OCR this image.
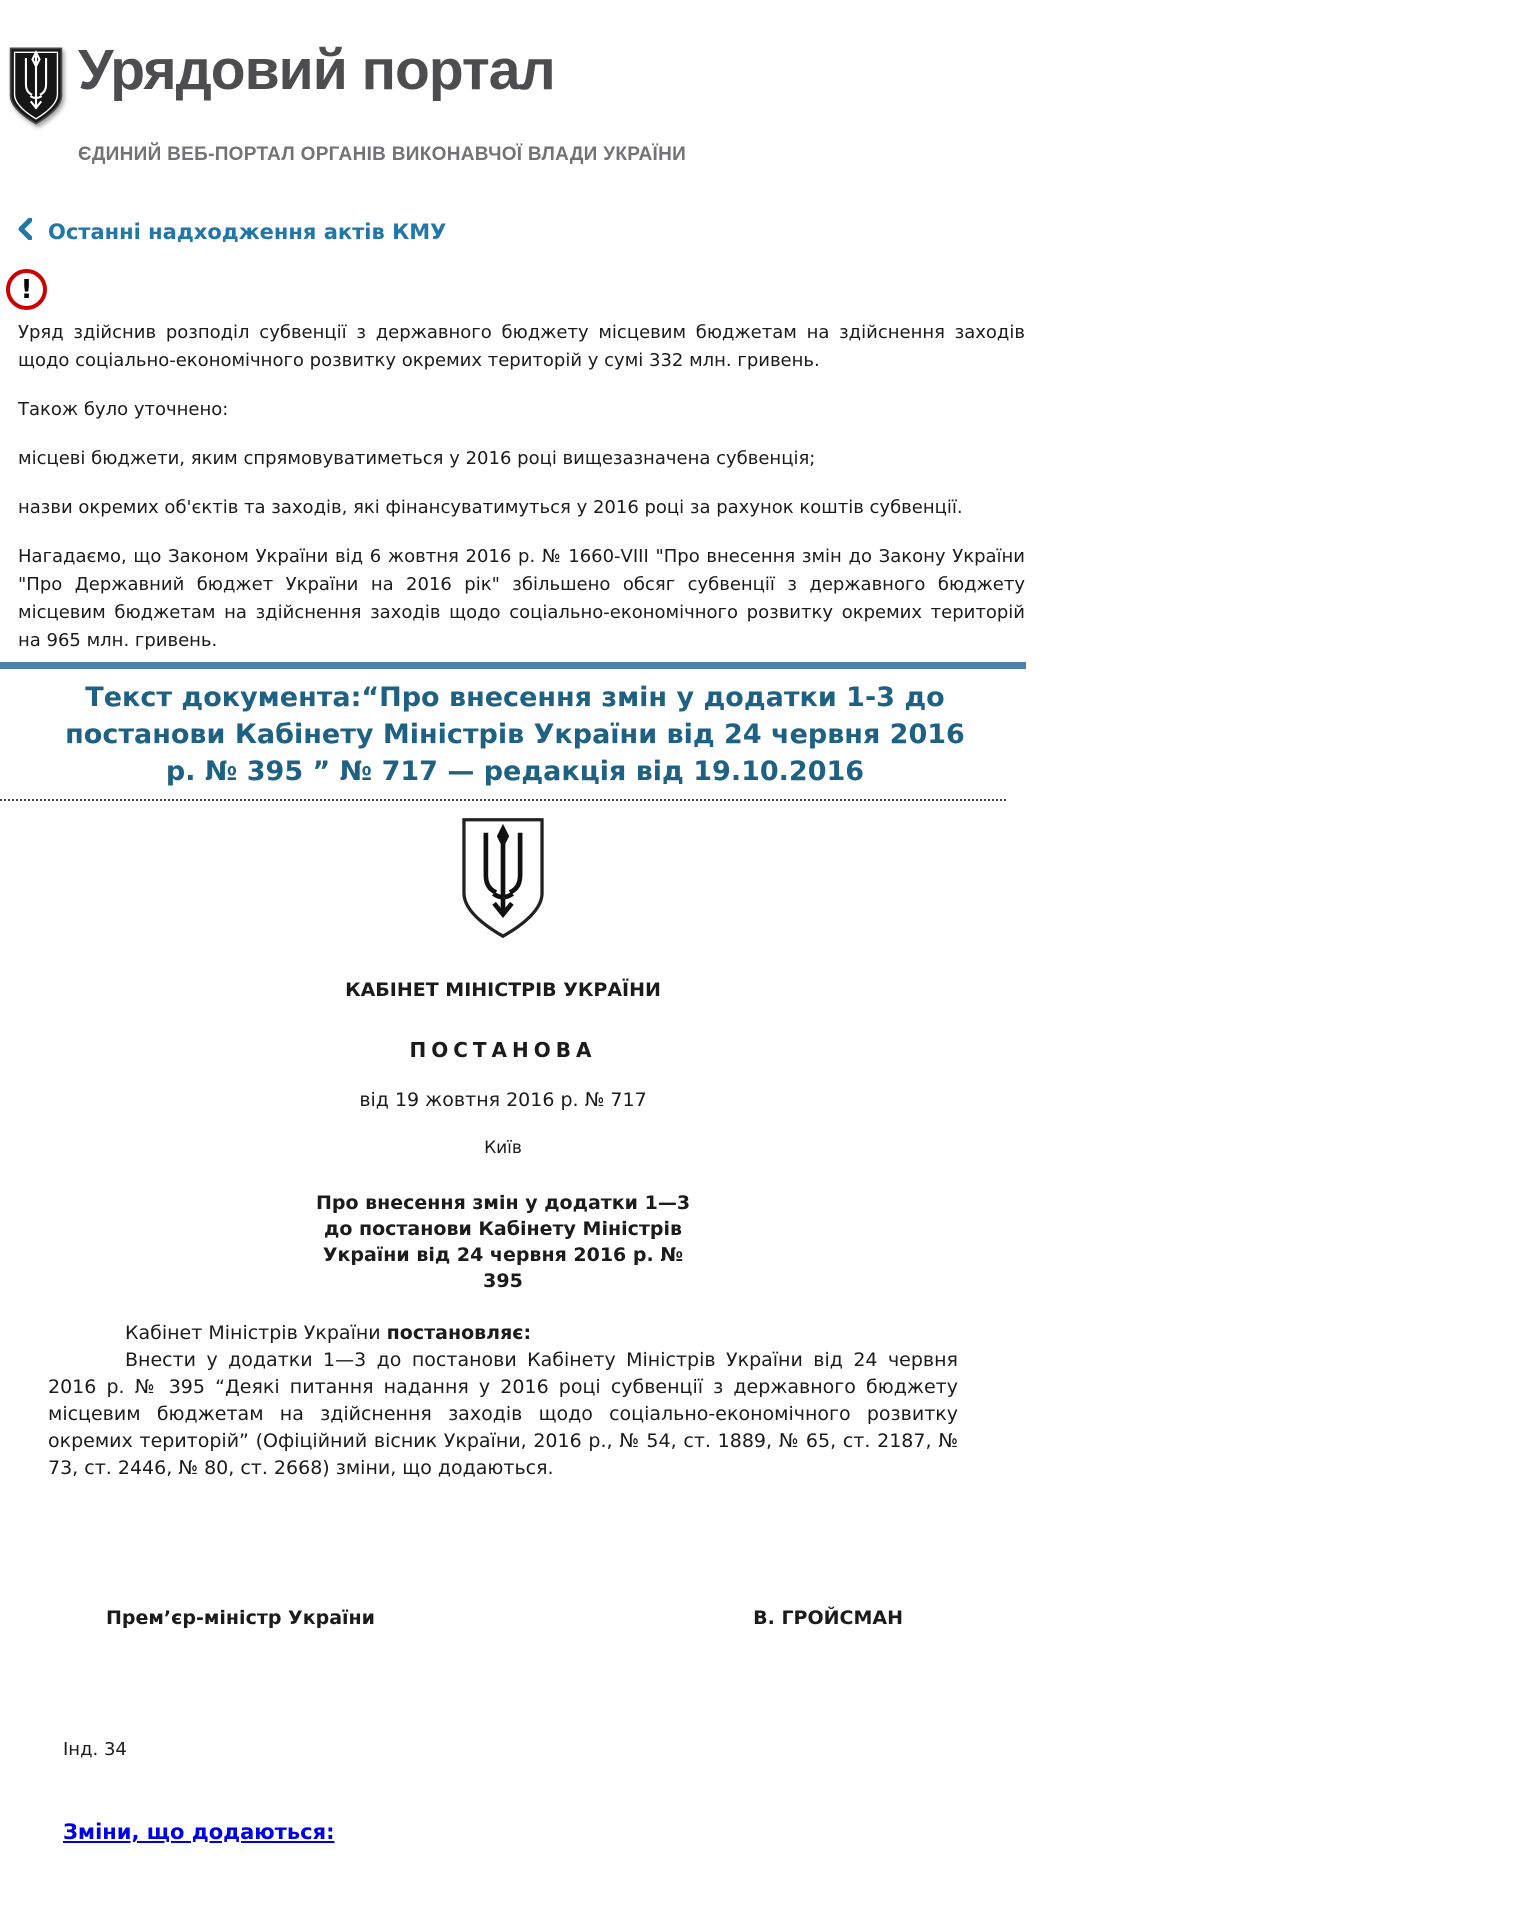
Урядовий портал
ЄДИНИЙ ВЕБ-ПОРТАЛ ОРГАНІВ ВИКОНАВЧОЇ ВЛАДИ УКРАЇНИ
Останні надходження актів КМУ
!

Уряд здійснив розподіл субвенції з державного бюджету місцевим бюджетам на здійснення заходів щодо соціально-економічного розвитку окремих територій у сумі 332 млн. гривень.

Також було уточнено:

місцеві бюджети, яким спрямовуватиметься у 2016 році вищезазначена субвенція;

назви окремих об'єктів та заходів, які фінансуватимуться у 2016 році за рахунок коштів субвенції.

Нагадаємо, що Законом України від 6 жовтня 2016 р. № 1660-VIII "Про внесення змін до Закону України "Про Державний бюджет України на 2016 рік" збільшено обсяг субвенції з державного бюджету місцевим бюджетам на здійснення заходів щодо соціально-економічного розвитку окремих територій на 965 млн. гривень.

Текст документа:“Про внесення змін у додатки 1-3 до постанови Кабінету Міністрів України від 24 червня 2016 р. № 395 ” № 717 — редакція від 19.10.2016

КАБІНЕТ МІНІСТРІВ УКРАЇНИ

ПОСТАНОВА

від 19 жовтня 2016 р. № 717

Київ

Про внесення змін у додатки 1—3 до постанови Кабінету Міністрів України від 24 червня 2016 р. № 395

Кабінет Міністрів України постановляє:

Внести у додатки 1—3 до постанови Кабінету Міністрів України від 24 червня 2016 р. № 395 “Деякі питання надання у 2016 році субвенції з державного бюджету місцевим бюджетам на здійснення заходів щодо соціально-економічного розвитку окремих територій” (Офіційний вісник України, 2016 р., № 54, ст. 1889, № 65, ст. 2187, № 73, ст. 2446, № 80, ст. 2668) зміни, що додаються.

Прем’єр-міністр України	В. ГРОЙСМАН

Інд. 34

Зміни, що додаються:
